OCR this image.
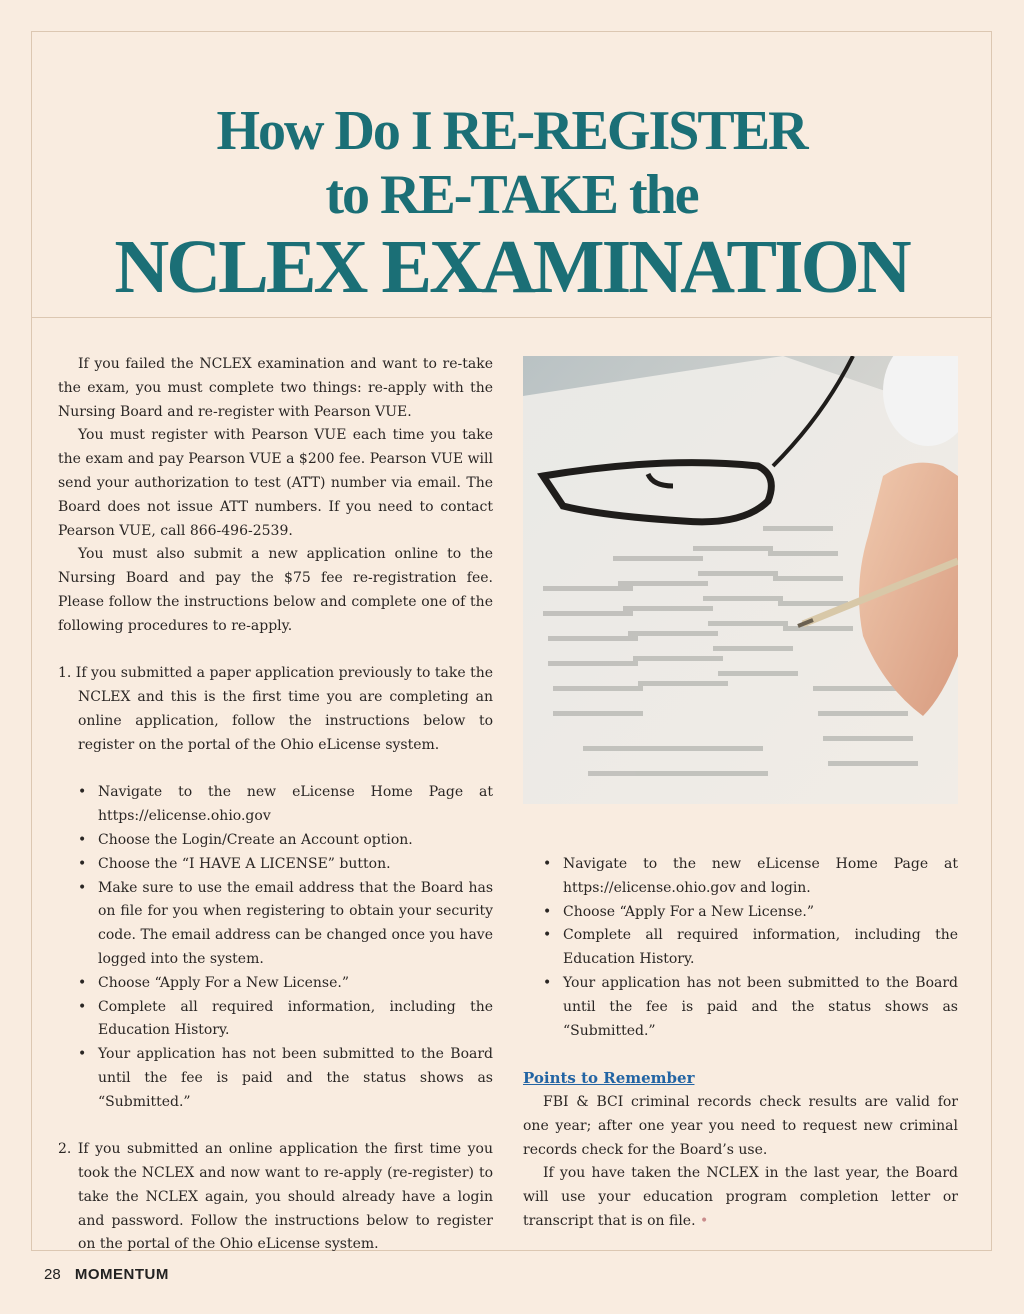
How Do I RE-REGISTER
to RE-TAKE the
NCLEX EXAMINATION

If you failed the NCLEX examination and want to re-take the exam, you must complete two things: re-apply with the Nursing Board and re-register with Pearson VUE.

You must register with Pearson VUE each time you take the exam and pay Pearson VUE a $200 fee. Pearson VUE will send your authorization to test (ATT) number via email. The Board does not issue ATT numbers. If you need to contact Pearson VUE, call 866-496-2539.

You must also submit a new application online to the Nursing Board and pay the $75 fee re-registration fee. Please follow the instructions below and complete one of the following procedures to re-apply.

1. If you submitted a paper application previously to take the NCLEX and this is the first time you are completing an online application, follow the instructions below to register on the portal of the Ohio eLicense system.

• Navigate to the new eLicense Home Page at https://elicense.ohio.gov
• Choose the Login/Create an Account option.
• Choose the “I HAVE A LICENSE” button.
• Make sure to use the email address that the Board has on file for you when registering to obtain your security code. The email address can be changed once you have logged into the system.
• Choose “Apply For a New License.”
• Complete all required information, including the Education History.
• Your application has not been submitted to the Board until the fee is paid and the status shows as “Submitted.”

2. If you submitted an online application the first time you took the NCLEX and now want to re-apply (re-register) to take the NCLEX again, you should already have a login and password. Follow the instructions below to register on the portal of the Ohio eLicense system.

• Navigate to the new eLicense Home Page at https://elicense.ohio.gov and login.
• Choose “Apply For a New License.”
• Complete all required information, including the Education History.
• Your application has not been submitted to the Board until the fee is paid and the status shows as “Submitted.”

Points to Remember

FBI & BCI criminal records check results are valid for one year; after one year you need to request new criminal records check for the Board’s use.

If you have taken the NCLEX in the last year, the Board will use your education program completion letter or transcript that is on file. •

28 MOMENTUM
